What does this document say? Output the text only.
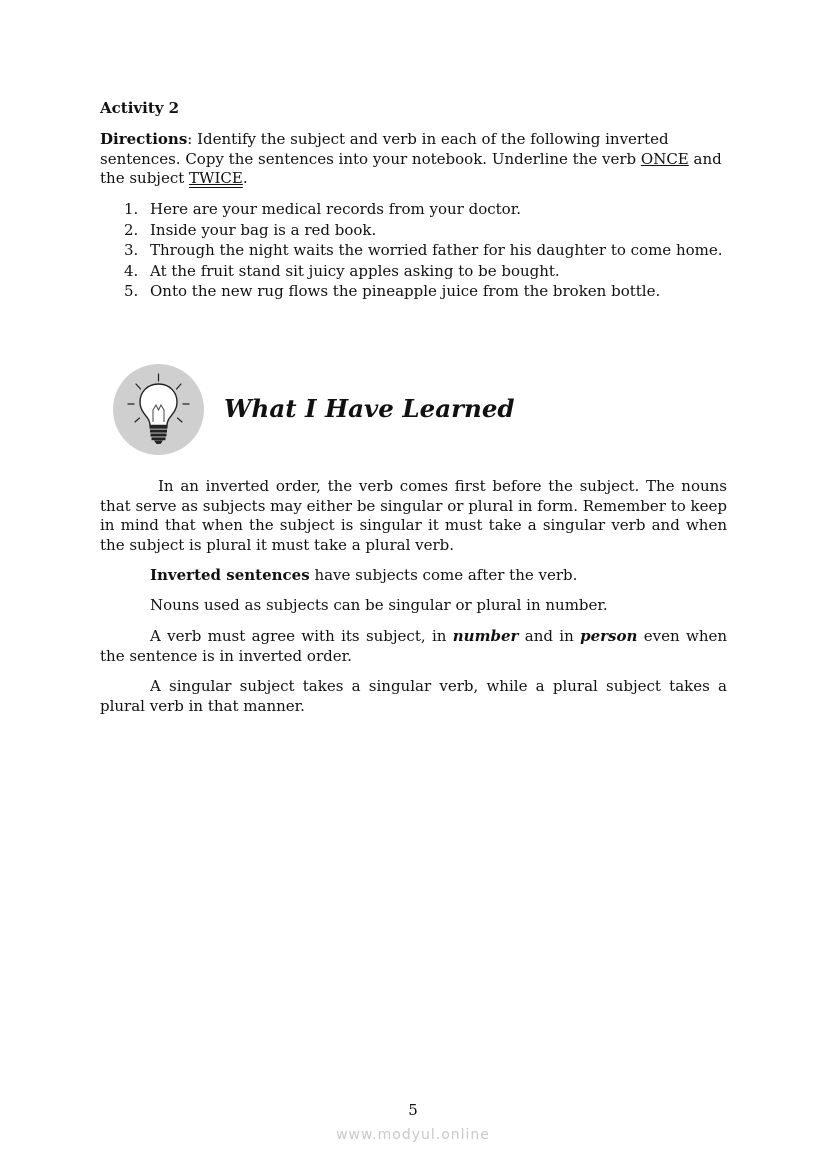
Activity 2

Directions: Identify the subject and verb in each of the following inverted sentences. Copy the sentences into your notebook. Underline the verb ONCE and the subject TWICE.

1. Here are your medical records from your doctor.
2. Inside your bag is a red book.
3. Through the night waits the worried father for his daughter to come home.
4. At the fruit stand sit juicy apples asking to be bought.
5. Onto the new rug flows the pineapple juice from the broken bottle.
What I Have Learned

In an inverted order, the verb comes first before the subject. The nouns that serve as subjects may either be singular or plural in form. Remember to keep in mind that when the subject is singular it must take a singular verb and when the subject is plural it must take a plural verb.

Inverted sentences have subjects come after the verb.

Nouns used as subjects can be singular or plural in number.

A verb must agree with its subject, in number and in person even when the sentence is in inverted order.

A singular subject takes a singular verb, while a plural subject takes a plural verb in that manner.

5
www.modyul.online
